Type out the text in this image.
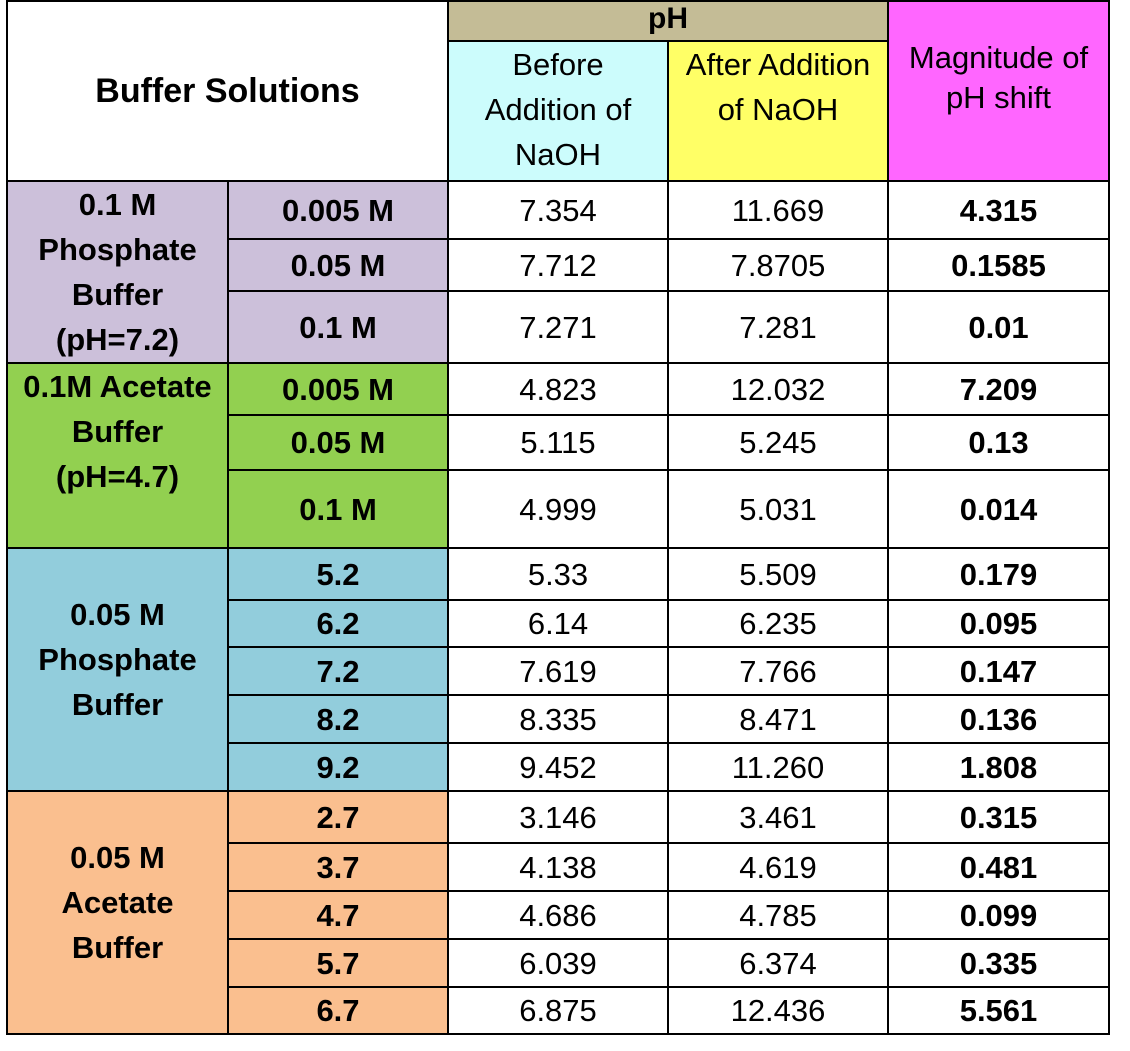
Buffer Solutions		pH		Magnitude of pH shift
		Before Addition of NaOH	After Addition of NaOH	
0.1 M Phosphate Buffer (pH=7.2)	0.005 M	7.354	11.669	4.315
	0.05 M	7.712	7.8705	0.1585
	0.1 M	7.271	7.281	0.01
0.1M Acetate Buffer (pH=4.7)	0.005 M	4.823	12.032	7.209
	0.05 M	5.115	5.245	0.13
	0.1 M	4.999	5.031	0.014
0.05 M Phosphate Buffer	5.2	5.33	5.509	0.179
	6.2	6.14	6.235	0.095
	7.2	7.619	7.766	0.147
	8.2	8.335	8.471	0.136
	9.2	9.452	11.260	1.808
0.05 M Acetate Buffer	2.7	3.146	3.461	0.315
	3.7	4.138	4.619	0.481
	4.7	4.686	4.785	0.099
	5.7	6.039	6.374	0.335
	6.7	6.875	12.436	5.561
